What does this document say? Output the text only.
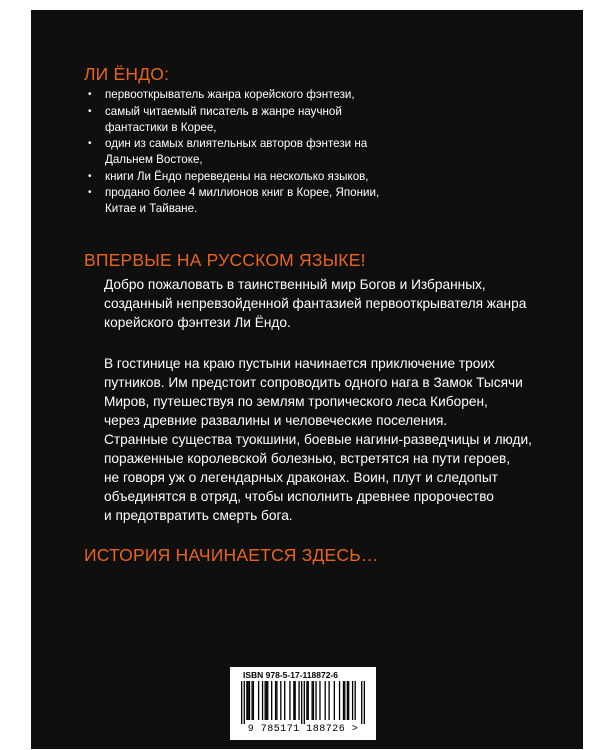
ЛИ ЁНДО:
• первооткрыватель жанра корейского фэнтези,
• самый читаемый писатель в жанре научной фантастики в Корее,
• один из самых влиятельных авторов фэнтези на Дальнем Востоке,
• книги Ли Ёндо переведены на несколько языков,
• продано более 4 миллионов книг в Корее, Японии, Китае и Тайване.
ВПЕРВЫЕ НА РУССКОМ ЯЗЫКЕ!

Добро пожаловать в таинственный мир Богов и Избранных,
созданный непревзойденной фантазией первооткрывателя жанра
корейского фэнтези Ли Ёндо.

В гостинице на краю пустыни начинается приключение троих
путников. Им предстоит сопроводить одного нага в Замок Тысячи
Миров, путешествуя по землям тропического леса Киборен,
через древние развалины и человеческие поселения.
Странные существа туокшини, боевые нагини-разведчицы и люди,
пораженные королевской болезнью, встретятся на пути героев,
не говоря уж о легендарных драконах. Воин, плут и следопыт
объединятся в отряд, чтобы исполнить древнее пророчество
и предотвратить смерть бога.

ИСТОРИЯ НАЧИНАЕТСЯ ЗДЕСЬ…
ISBN 978-5-17-118872-6
9 785171 188726 >
